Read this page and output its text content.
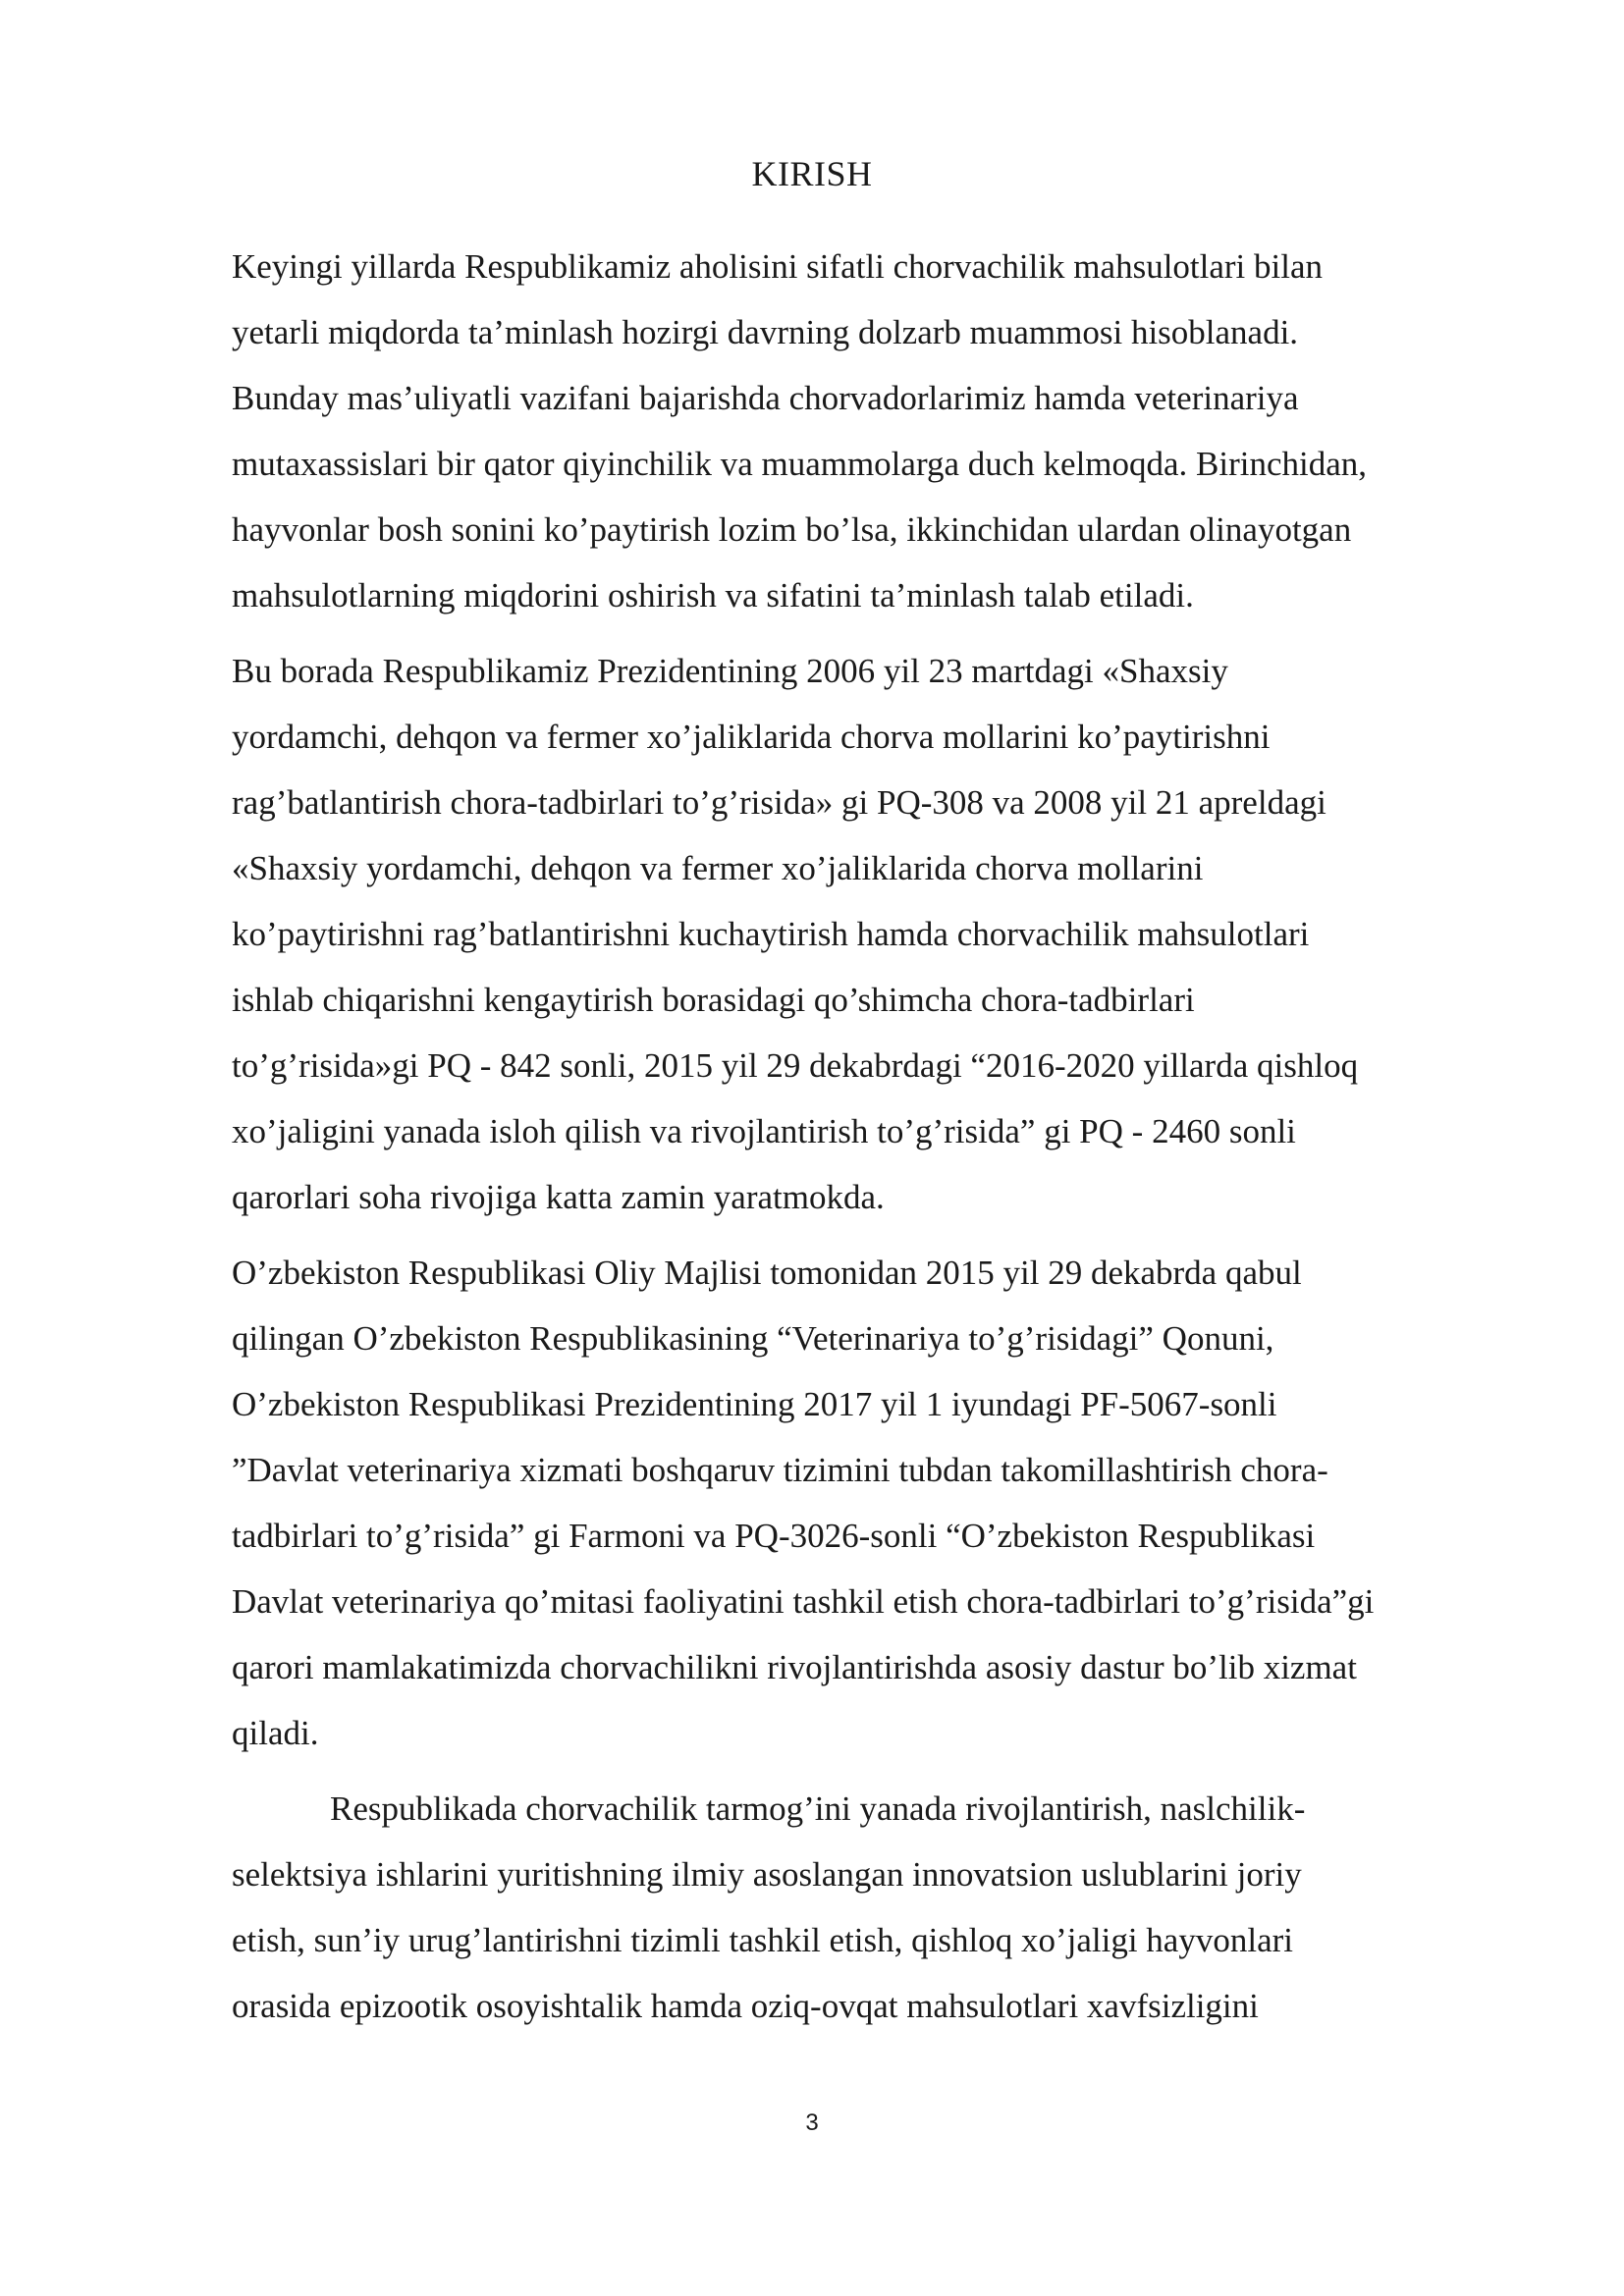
KIRISH
Keyingi yillarda Respublikamiz aholisini sifatli chorvachilik mahsulotlari bilan
yetarli miqdorda ta’minlash hozirgi davrning dolzarb muammosi hisoblanadi.
Bunday mas’uliyatli vazifani bajarishda chorvadorlarimiz hamda veterinariya
mutaxassislari bir qator qiyinchilik va muammolarga duch kelmoqda. Birinchidan,
hayvonlar bosh sonini ko’paytirish lozim bo’lsa, ikkinchidan ulardan olinayotgan
mahsulotlarning miqdorini oshirish va sifatini ta’minlash talab etiladi.
Bu borada Respublikamiz Prezidentining 2006 yil 23 martdagi «Shaxsiy
yordamchi, dehqon va fermer xo’jaliklarida chorva mollarini ko’paytirishni
rag’batlantirish chora-tadbirlari to’g’risida» gi PQ-308 va 2008 yil 21 apreldagi
«Shaxsiy yordamchi, dehqon va fermer xo’jaliklarida chorva mollarini
ko’paytirishni rag’batlantirishni kuchaytirish hamda chorvachilik mahsulotlari
ishlab chiqarishni kengaytirish borasidagi qo’shimcha chora-tadbirlari
to’g’risida»gi PQ - 842 sonli, 2015 yil 29 dekabrdagi “2016-2020 yillarda qishloq
xo’jaligini yanada isloh qilish va rivojlantirish to’g’risida” gi PQ - 2460 sonli
qarorlari soha rivojiga katta zamin yaratmokda.
O’zbekiston Respublikasi Oliy Majlisi tomonidan 2015 yil 29 dekabrda qabul
qilingan O’zbekiston Respublikasining “Veterinariya to’g’risidagi” Qonuni,
O’zbekiston Respublikasi Prezidentining 2017 yil 1 iyundagi PF-5067-sonli
”Davlat veterinariya xizmati boshqaruv tizimini tubdan takomillashtirish chora-
tadbirlari to’g’risida” gi Farmoni va PQ-3026-sonli “O’zbekiston Respublikasi
Davlat veterinariya qo’mitasi faoliyatini tashkil etish chora-tadbirlari to’g’risida”gi
qarori mamlakatimizda chorvachilikni rivojlantirishda asosiy dastur bo’lib xizmat
qiladi.
Respublikada chorvachilik tarmog’ini yanada rivojlantirish, naslchilik-
selektsiya ishlarini yuritishning ilmiy asoslangan innovatsion uslublarini joriy
etish, sun’iy urug’lantirishni tizimli tashkil etish, qishloq xo’jaligi hayvonlari
orasida epizootik osoyishtalik hamda oziq-ovqat mahsulotlari xavfsizligini
3
